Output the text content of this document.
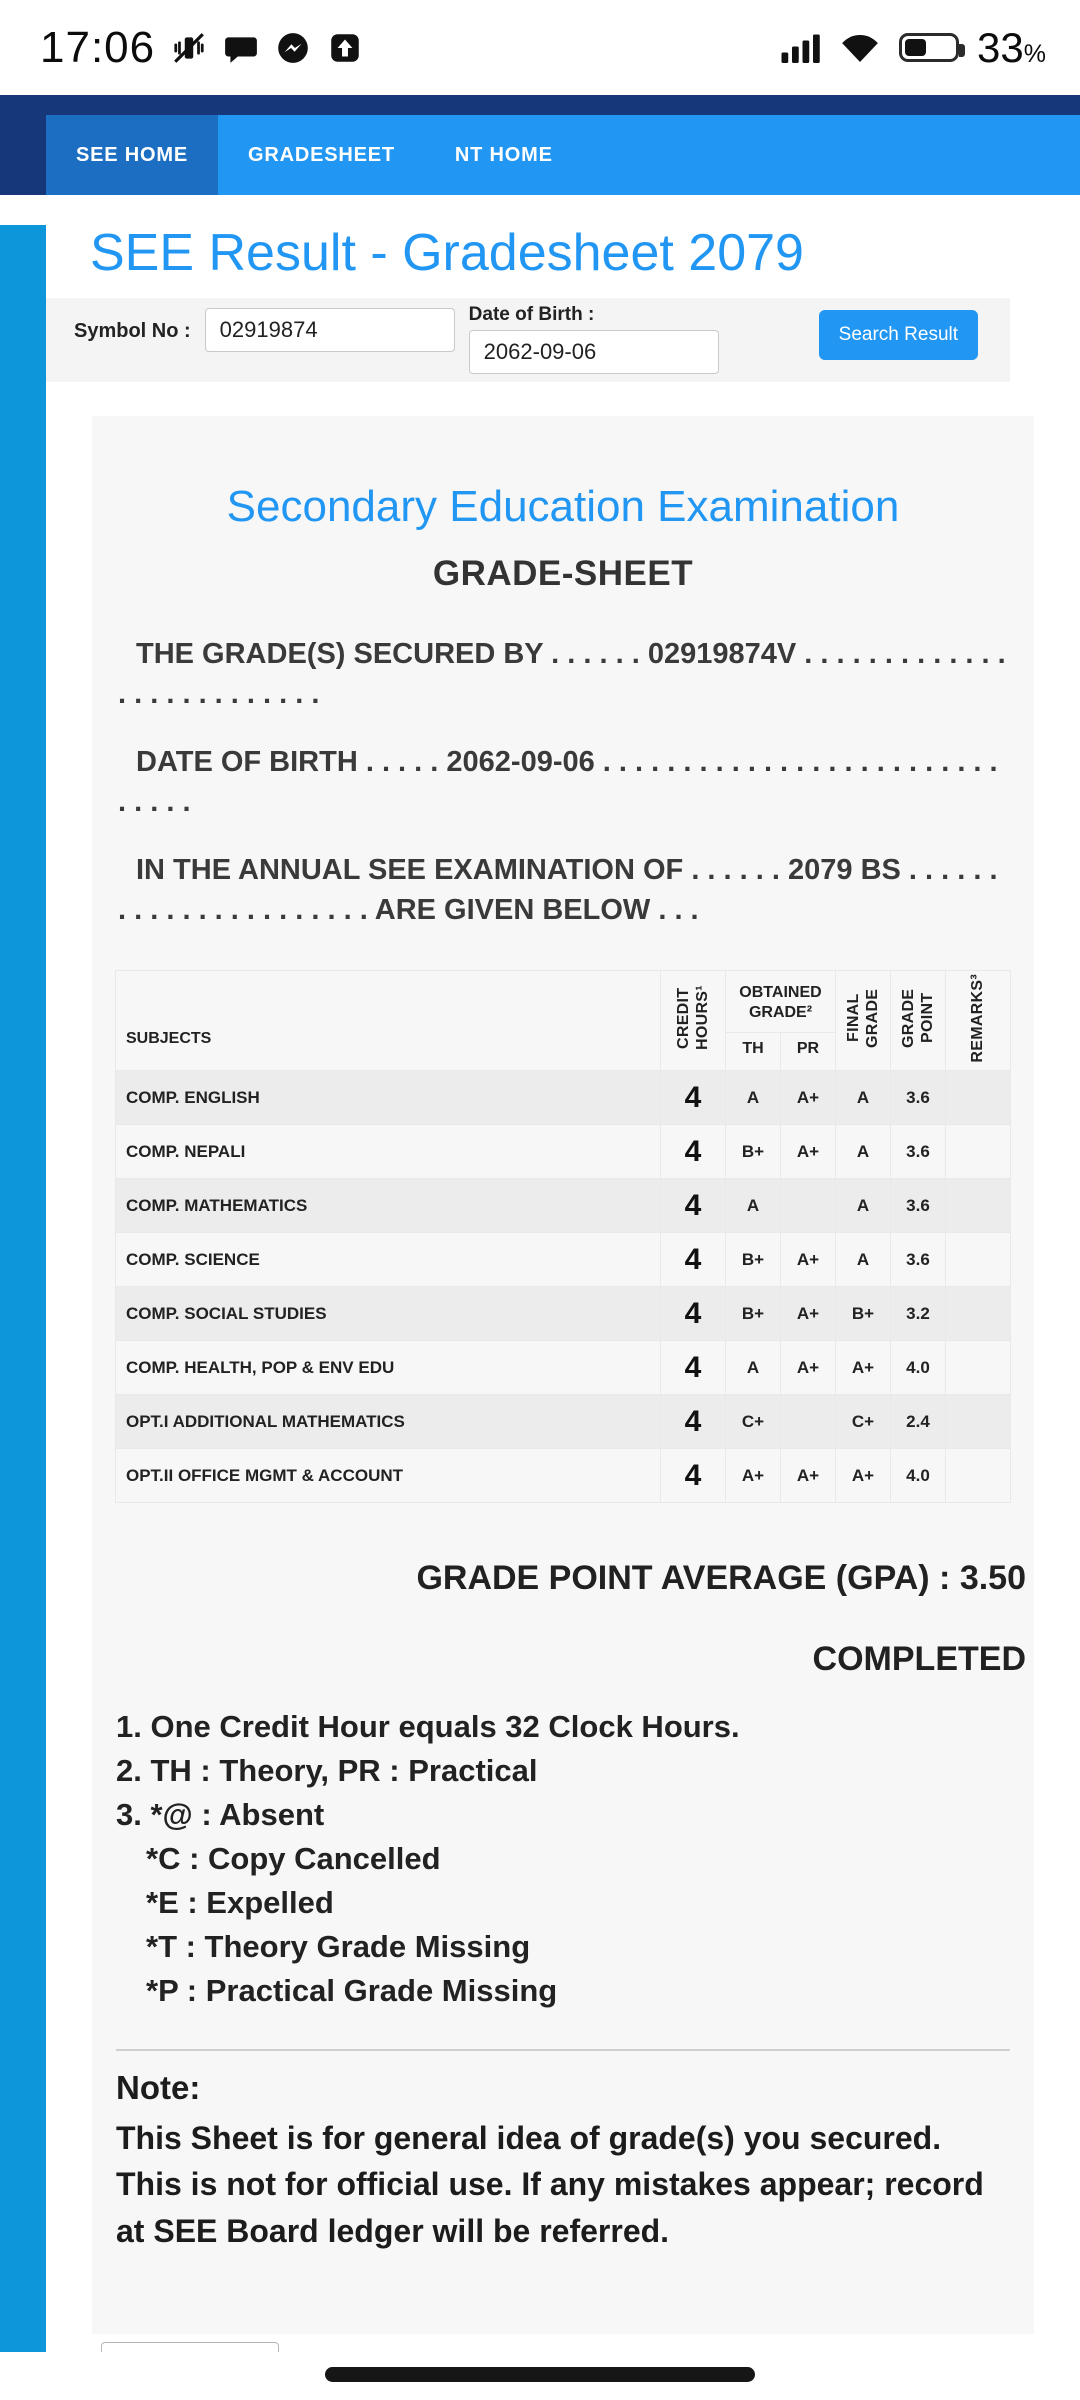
17:06	33%
SEE HOME	GRADESHEET	NT HOME
SEE Result - Gradesheet 2079
Symbol No :
02919874
Date of Birth :
2062-09-06
Search Result
Secondary Education Examination
GRADE-SHEET

THE GRADE(S) SECURED BY . . . . . . 02919874V . . . . . . . . . . . . . . . . . . . . . . . . . .

DATE OF BIRTH . . . . . 2062-09-06 . . . . . . . . . . . . . . . . . . . . . . . . . . . . . .

IN THE ANNUAL SEE EXAMINATION OF . . . . . . 2079 BS . . . . . . . . . . . . . . . . . . . . . . ARE GIVEN BELOW . . .

SUBJECTS	CREDIT HOURS¹	OBTAINED GRADE²		FINAL GRADE	GRADE POINT	REMARKS³
		TH	PR			
COMP. ENGLISH	4	A	A+	A	3.6	
COMP. NEPALI	4	B+	A+	A	3.6	
COMP. MATHEMATICS	4	A		A	3.6	
COMP. SCIENCE	4	B+	A+	A	3.6	
COMP. SOCIAL STUDIES	4	B+	A+	B+	3.2	
COMP. HEALTH, POP & ENV EDU	4	A	A+	A+	4.0	
OPT.I ADDITIONAL MATHEMATICS	4	C+		C+	2.4	
OPT.II OFFICE MGMT & ACCOUNT	4	A+	A+	A+	4.0	
GRADE POINT AVERAGE (GPA) : 3.50
COMPLETED
1. One Credit Hour equals 32 Clock Hours.
2. TH : Theory, PR : Practical
3. *@ : Absent
*C : Copy Cancelled
*E : Expelled
*T : Theory Grade Missing
*P : Practical Grade Missing
Note:

This Sheet is for general idea of grade(s) you secured. This is not for official use. If any mistakes appear; record at SEE Board ledger will be referred.
